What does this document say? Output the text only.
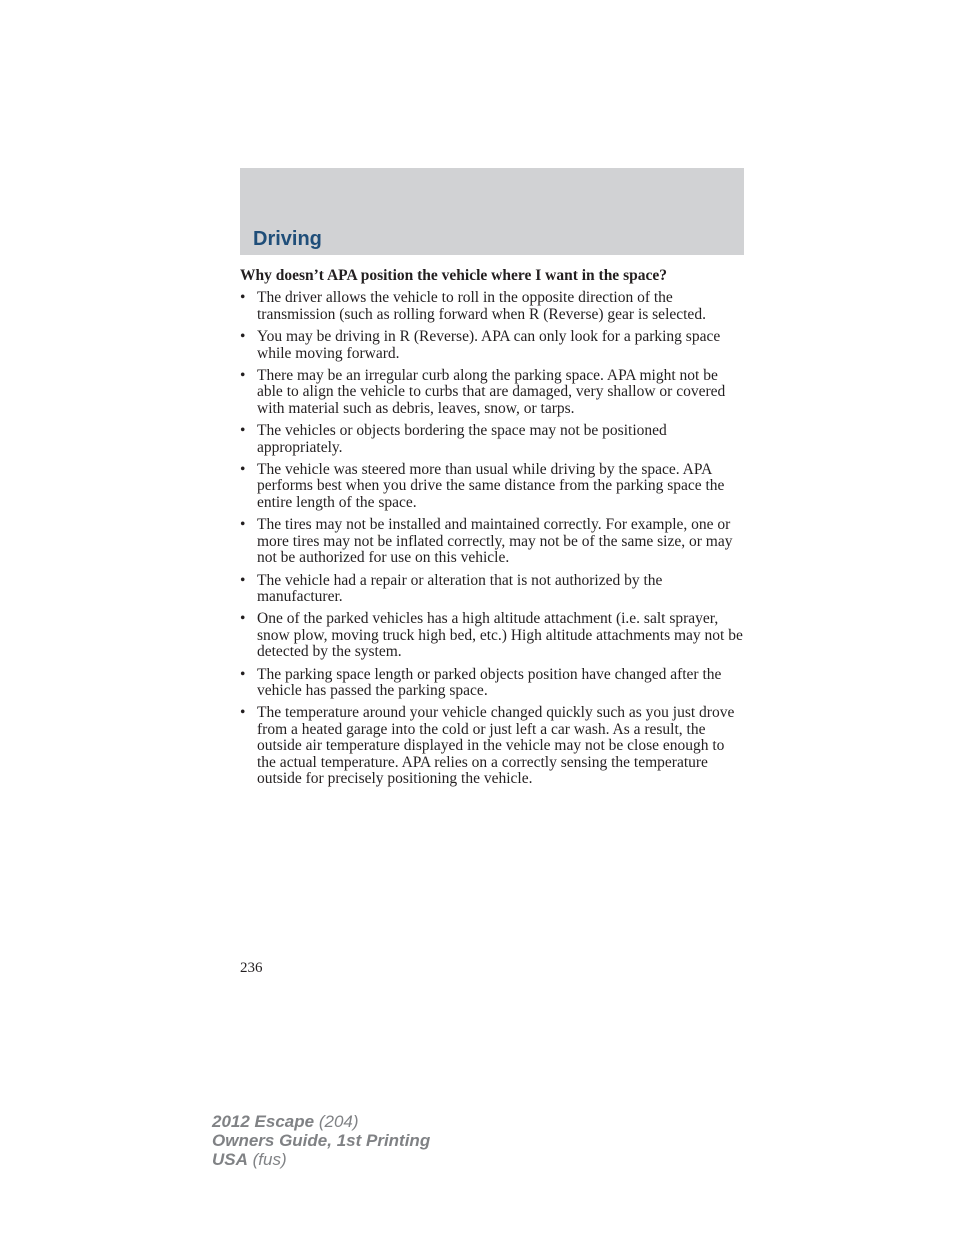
Driving

Why doesn’t APA position the vehicle where I want in the space?

• The driver allows the vehicle to roll in the opposite direction of the transmission (such as rolling forward when R (Reverse) gear is selected.
• You may be driving in R (Reverse). APA can only look for a parking space while moving forward.
• There may be an irregular curb along the parking space. APA might not be able to align the vehicle to curbs that are damaged, very shallow or covered with material such as debris, leaves, snow, or tarps.
• The vehicles or objects bordering the space may not be positioned appropriately.
• The vehicle was steered more than usual while driving by the space. APA performs best when you drive the same distance from the parking space the entire length of the space.
• The tires may not be installed and maintained correctly. For example, one or more tires may not be inflated correctly, may not be of the same size, or may not be authorized for use on this vehicle.
• The vehicle had a repair or alteration that is not authorized by the manufacturer.
• One of the parked vehicles has a high altitude attachment (i.e. salt sprayer, snow plow, moving truck high bed, etc.) High altitude attachments may not be detected by the system.
• The parking space length or parked objects position have changed after the vehicle has passed the parking space.
• The temperature around your vehicle changed quickly such as you just drove from a heated garage into the cold or just left a car wash. As a result, the outside air temperature displayed in the vehicle may not be close enough to the actual temperature. APA relies on a correctly sensing the temperature outside for precisely positioning the vehicle.
236
2012 Escape (204)
Owners Guide, 1st Printing
USA (fus)
